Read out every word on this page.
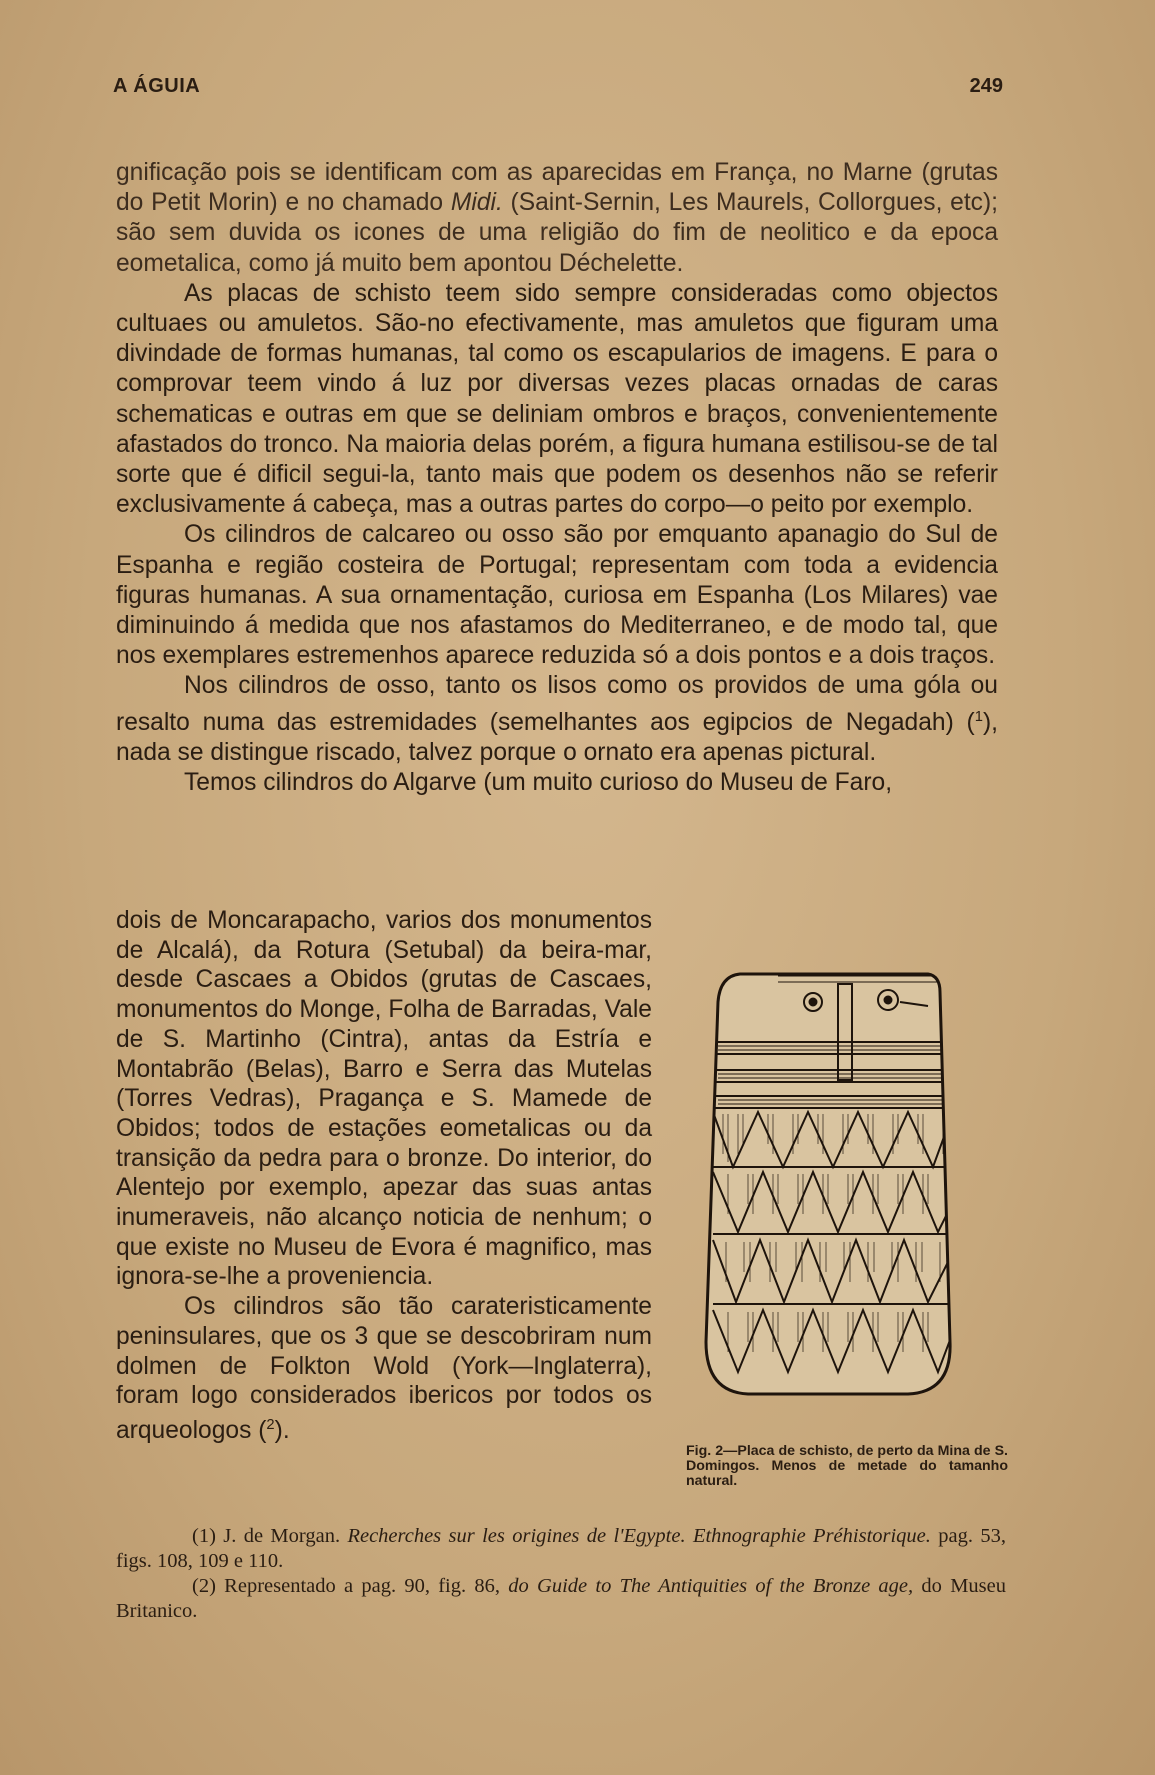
A ÁGUIA	249

gnificação pois se identificam com as aparecidas em França, no Marne (grutas do Petit Morin) e no chamado Midi. (Saint-Sernin, Les Maurels, Collorgues, etc); são sem duvida os icones de uma religião do fim de neolitico e da epoca eometalica, como já muito bem apontou Déchelette.

As placas de schisto teem sido sempre consideradas como objectos cultuaes ou amuletos. São-no efectivamente, mas amuletos que figuram uma divindade de formas humanas, tal como os escapularios de imagens. E para o comprovar teem vindo á luz por diversas vezes placas ornadas de caras schematicas e outras em que se deliniam ombros e braços, convenientemente afastados do tronco. Na maioria delas porém, a figura humana estilisou-se de tal sorte que é dificil segui-la, tanto mais que podem os desenhos não se referir exclusivamente á cabeça, mas a outras partes do corpo—o peito por exemplo.

Os cilindros de calcareo ou osso são por emquanto apanagio do Sul de Espanha e região costeira de Portugal; representam com toda a evidencia figuras humanas. A sua ornamentação, curiosa em Espanha (Los Milares) vae diminuindo á medida que nos afastamos do Mediterraneo, e de modo tal, que nos exemplares estremenhos aparece reduzida só a dois pontos e a dois traços.

Nos cilindros de osso, tanto os lisos como os providos de uma góla ou resalto numa das estremidades (semelhantes aos egipcios de Negadah) ($^1$), nada se distingue riscado, talvez porque o ornato era apenas pictural.

Temos cilindros do Algarve (um muito curioso do Museu de Faro,

dois de Moncarapacho, varios dos monumentos de Alcalá), da Rotura (Setubal) da beira-mar, desde Cascaes a Obidos (grutas de Cascaes, monumentos do Monge, Folha de Barradas, Vale de S. Martinho (Cintra), antas da Estría e Montabrão (Belas), Barro e Serra das Mutelas (Torres Vedras), Pragança e S. Mamede de Obidos; todos de estações eometalicas ou da transição da pedra para o bronze. Do interior, do Alentejo por exemplo, apezar das suas antas inumeraveis, não alcanço noticia de nenhum; o que existe no Museu de Evora é magnifico, mas ignora-se-lhe a proveniencia.

Os cilindros são tão carateristicamente peninsulares, que os 3 que se descobriram num dolmen de Folkton Wold (York—Inglaterra), foram logo considerados ibericos por todos os arqueologos ($^2$).

Fig. 2—Placa de schisto, de perto da Mina de S. Domingos. Menos de metade do tamanho natural.

(1) J. de Morgan. Recherches sur les origines de l'Egypte. Ethnographie Préhistorique. pag. 53, figs. 108, 109 e 110.

(2) Representado a pag. 90, fig. 86, do Guide to The Antiquities of the Bronze age, do Museu Britanico.
